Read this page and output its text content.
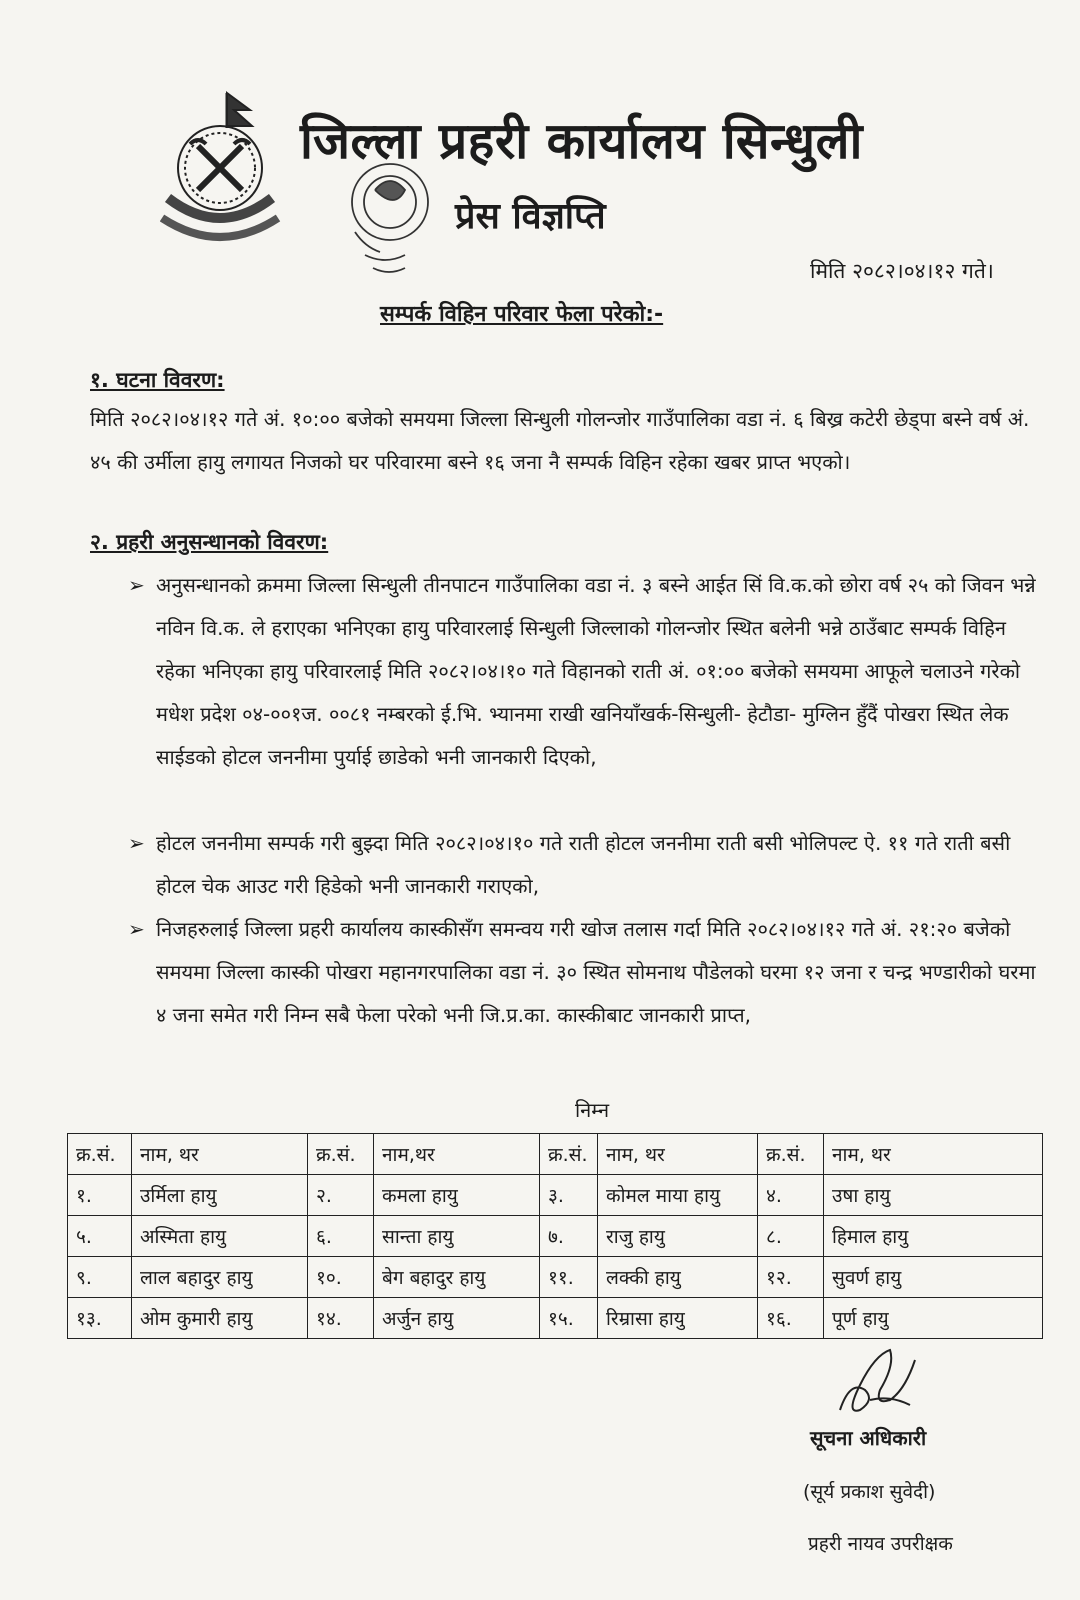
जिल्ला प्रहरी कार्यालय सिन्धुली
प्रेस विज्ञप्ति
मिति २०८२।०४।१२ गते।
सम्पर्क विहिन परिवार फेला परेको:-
१. घटना विवरण:

मिति २०८२।०४।१२ गते अं. १०:०० बजेको समयमा जिल्ला सिन्धुली गोलन्जोर गाउँपालिका वडा नं. ६ बिख्र कटेरी छेड्पा बस्ने वर्ष अं. ४५ की उर्मीला हायु लगायत निजको घर परिवारमा बस्ने १६ जना नै सम्पर्क विहिन रहेका खबर प्राप्त भएको।

२. प्रहरी अनुसन्धानको विवरण:
➢ अनुसन्धानको क्रममा जिल्ला सिन्धुली तीनपाटन गाउँपालिका वडा नं. ३ बस्ने आईत सिं वि.क.को छोरा वर्ष २५ को जिवन भन्ने नविन वि.क. ले हराएका भनिएका हायु परिवारलाई सिन्धुली जिल्लाको गोलन्जोर स्थित बलेनी भन्ने ठाउँबाट सम्पर्क विहिन रहेका भनिएका हायु परिवारलाई मिति २०८२।०४।१० गते विहानको राती अं. ०१:०० बजेको समयमा आफूले चलाउने गरेको मधेश प्रदेश ०४-००१ज. ००८१ नम्बरको ई.भि. भ्यानमा राखी खनियाँखर्क-सिन्धुली- हेटौडा- मुग्लिन हुँदैं पोखरा स्थित लेक साईडको होटल जननीमा पुर्याई छाडेको भनी जानकारी दिएको,

➢ होटल जननीमा सम्पर्क गरी बुझ्दा मिति २०८२।०४।१० गते राती होटल जननीमा राती बसी भोलिपल्ट ऐ. ११ गते राती बसी होटल चेक आउट गरी हिडेको भनी जानकारी गराएको,

➢ निजहरुलाई जिल्ला प्रहरी कार्यालय कास्कीसँग समन्वय गरी खोज तलास गर्दा मिति २०८२।०४।१२ गते अं. २१:२० बजेको समयमा जिल्ला कास्की पोखरा महानगरपालिका वडा नं. ३० स्थित सोमनाथ पौडेलको घरमा १२ जना र चन्द्र भण्डारीको घरमा ४ जना समेत गरी निम्न सबै फेला परेको भनी जि.प्र.का. कास्कीबाट जानकारी प्राप्त,

निम्न
क्र.सं.	नाम, थर	क्र.सं.	नाम,थर	क्र.सं.	नाम, थर	क्र.सं.	नाम, थर
१.	उर्मिला हायु	२.	कमला हायु	३.	कोमल माया हायु	४.	उषा हायु
५.	अस्मिता हायु	६.	सान्ता हायु	७.	राजु हायु	८.	हिमाल हायु
९.	लाल बहादुर हायु	१०.	बेग बहादुर हायु	११.	लक्की हायु	१२.	सुवर्ण हायु
१३.	ओम कुमारी हायु	१४.	अर्जुन हायु	१५.	रिम्रासा हायु	१६.	पूर्ण हायु
सूचना अधिकारी
(सूर्य प्रकाश सुवेदी)
प्रहरी नायव उपरीक्षक
